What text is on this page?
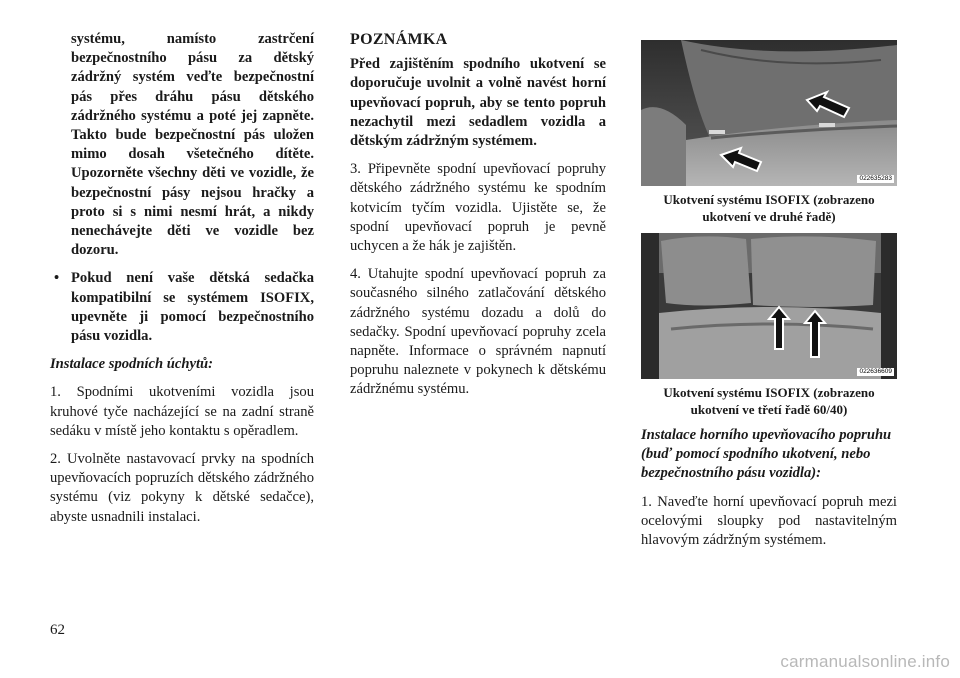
systému, namísto zastrčení bezpečnostního pásu za dětský zádržný systém veďte bezpečnostní pás přes dráhu pásu dětského zádržného systému a poté jej zapněte. Takto bude bezpečnostní pás uložen mimo dosah všetečného dítěte. Upozorněte všechny děti ve vozidle, že bezpečnostní pásy nejsou hračky a proto si s nimi nesmí hrát, a nikdy nenechávejte děti ve vozidle bez dozoru.

• Pokud není vaše dětská sedačka kompatibilní se systémem ISOFIX, upevněte ji pomocí bezpečnostního pásu vozidla.

Instalace spodních úchytů:

1. Spodními ukotveními vozidla jsou kruhové tyče nacházející se na zadní straně sedáku v místě jeho kontaktu s opěradlem.

2. Uvolněte nastavovací prvky na spodních upevňovacích popruzích dětského zádržného systému (viz pokyny k dětské sedačce), abyste usnadnili instalaci.

POZNÁMKA

Před zajištěním spodního ukotvení se doporučuje uvolnit a volně navést horní upevňovací popruh, aby se tento popruh nezachytil mezi sedadlem vozidla a dětským zádržným systémem.

3. Připevněte spodní upevňovací popruhy dětského zádržného systému ke spodním kotvicím tyčím vozidla. Ujistěte se, že spodní upevňovací popruh je pevně uchycen a že hák je zajištěn.

4. Utahujte spodní upevňovací popruh za současného silného zatlačování dětského zádržného systému dozadu a dolů do sedačky. Spodní upevňovací popruhy zcela napněte. Informace o správném napnutí popruhu naleznete v pokynech k dětskému zádržnému systému.

022635283
Ukotvení systému ISOFIX (zobrazeno ukotvení ve druhé řadě)
022636609
Ukotvení systému ISOFIX (zobrazeno ukotvení ve třetí řadě 60/40)

Instalace horního upevňovacího popruhu (buď pomocí spodního ukotvení, nebo bezpečnostního pásu vozidla):

1. Naveďte horní upevňovací popruh mezi ocelovými sloupky pod nastavitelným hlavovým zádržným systémem.

62
carmanualsonline.info
